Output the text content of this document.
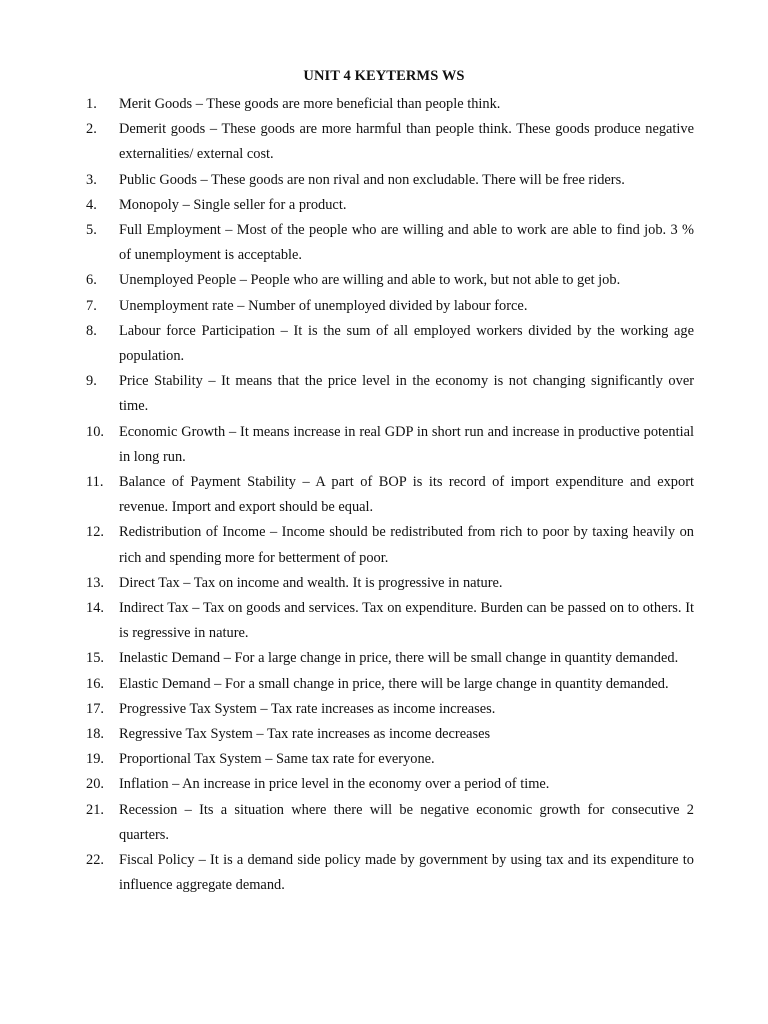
UNIT 4 KEYTERMS WS
1.	Merit Goods – These goods are more beneficial than people think.
2.	Demerit goods – These goods are more harmful than people think. These goods produce negative externalities/ external cost.
3.	Public Goods – These goods are non rival and non excludable. There will be free riders.
4.	Monopoly – Single seller for a product.
5.	Full Employment – Most of the people who are willing and able to work are able to find job. 3 % of unemployment is acceptable.
6.	Unemployed People – People who are willing and able to work, but not able to get job.
7.	Unemployment rate – Number of unemployed divided by labour force.
8.	Labour force Participation – It is the sum of all employed workers divided by the working age population.
9.	Price Stability – It means that the price level in the economy is not changing significantly over time.
10.	Economic Growth – It means increase in real GDP in short run and increase in productive potential in long run.
11.	Balance of Payment Stability – A part of BOP is its record of import expenditure and export revenue. Import and export should be equal.
12.	Redistribution of Income – Income should be redistributed from rich to poor by taxing heavily on rich and spending more for betterment of poor.
13.	Direct Tax – Tax on income and wealth. It is progressive in nature.
14.	Indirect Tax – Tax on goods and services. Tax on expenditure. Burden can be passed on to others. It is regressive in nature.
15.	Inelastic Demand – For a large change in price, there will be small change in quantity demanded.
16.	Elastic Demand – For a small change in price, there will be large change in quantity demanded.
17.	Progressive Tax System – Tax rate increases as income increases.
18.	Regressive Tax System – Tax rate increases as income decreases
19.	Proportional Tax System – Same tax rate for everyone.
20.	Inflation – An increase in price level in the economy over a period of time.
21.	Recession – Its a situation where there will be negative economic growth for consecutive 2 quarters.
22.	Fiscal Policy – It is a demand side policy made by government by using tax and its expenditure to influence aggregate demand.
